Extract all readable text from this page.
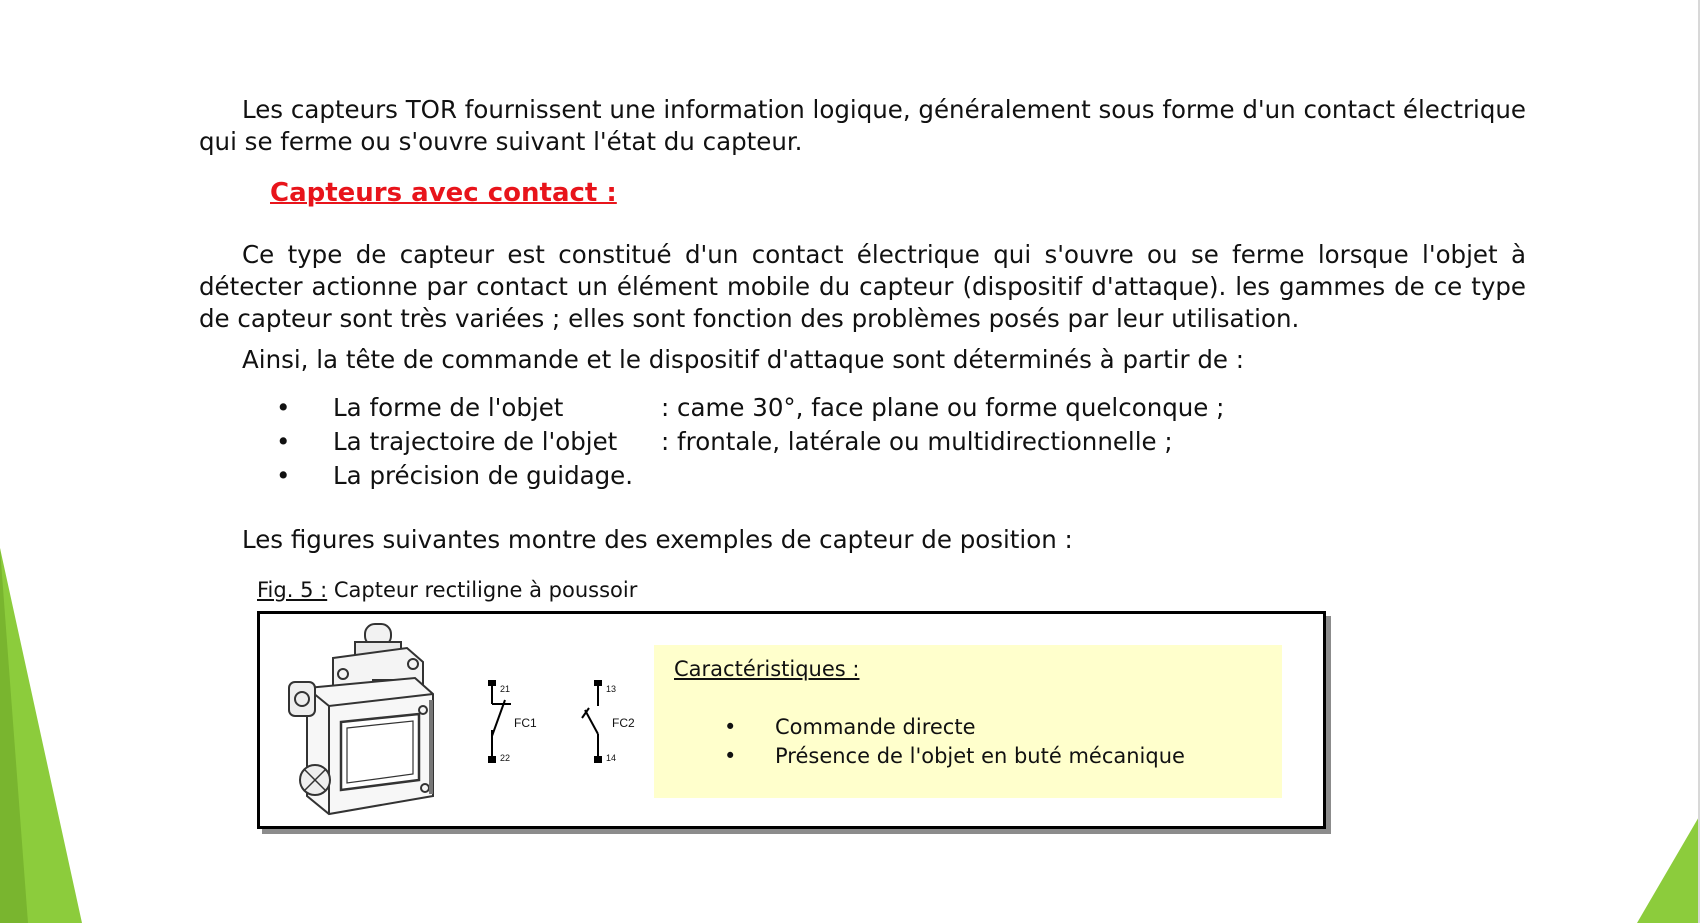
Les capteurs TOR fournissent une information logique, généralement sous forme d'un contact électrique qui se ferme ou s'ouvre suivant l'état du capteur.

Capteurs avec contact :

Ce type de capteur est constitué d'un contact électrique qui s'ouvre ou se ferme lorsque l'objet à détecter actionne par contact un élément mobile du capteur (dispositif d'attaque). les gammes de ce type de capteur sont très variées ; elles sont fonction des problèmes posés par leur utilisation.

Ainsi, la tête de commande et le dispositif d'attaque sont déterminés à partir de :

• La forme de l'objet	: came 30°, face plane ou forme quelconque ;
• La trajectoire de l'objet : frontale, latérale ou multidirectionnelle ;
• La précision de guidage.

Les figures suivantes montre des exemples de capteur de position :

Fig. 5 : Capteur rectiligne à poussoir

21
FC1
22
13
FC2
14

Caractéristiques :

• Commande directe
• Présence de l'objet en buté mécanique
